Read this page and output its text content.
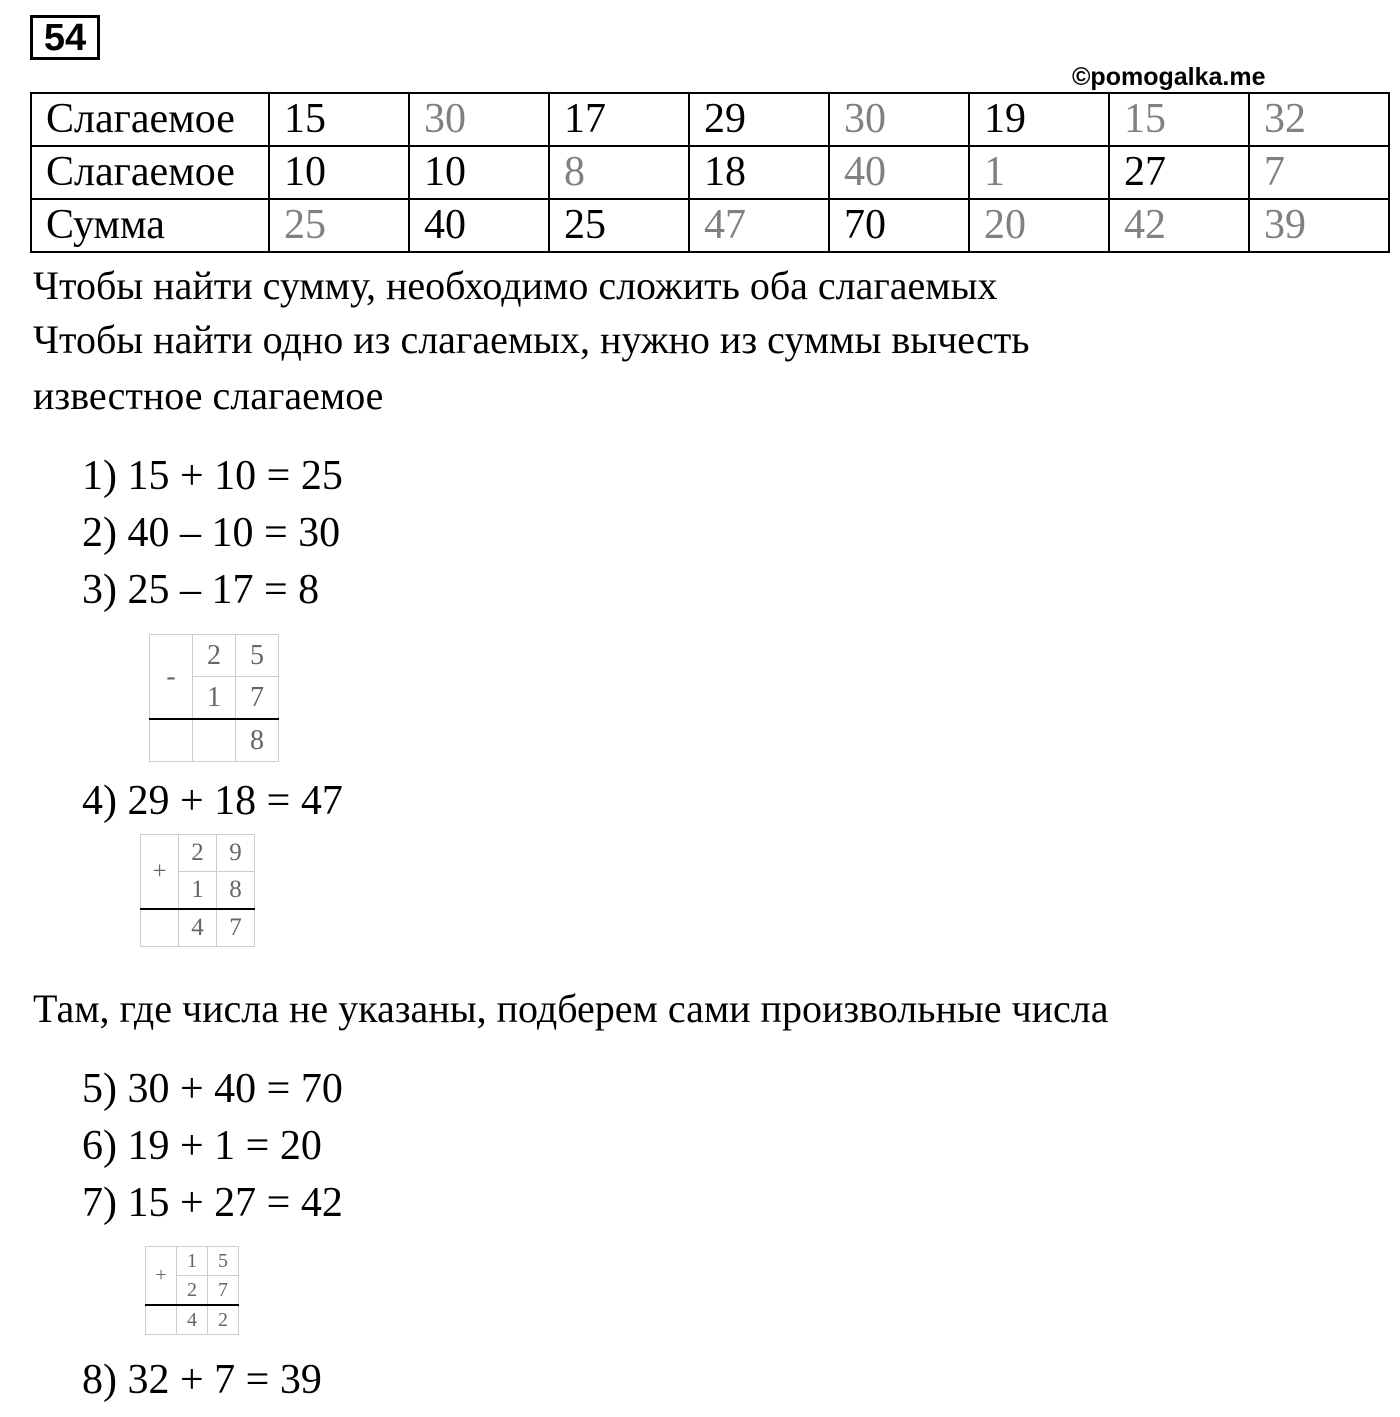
54
©pomogalka.me
Слагаемое	15	30	17	29	30	19	15	32
Слагаемое	10	10	8	18	40	1	27	7
Сумма	25	40	25	47	70	20	42	39
Чтобы найти сумму, необходимо сложить оба слагаемых
Чтобы найти одно из слагаемых, нужно из суммы вычесть
известное слагаемое
1) 15 + 10 = 25
2) 40 – 10 = 30
3) 25 – 17 = 8
-	2	5
	1	7
		8
4) 29 + 18 = 47
+	2	9
	1	8
	4	7
Там, где числа не указаны, подберем сами произвольные числа
5) 30 + 40 = 70
6) 19 + 1 = 20
7) 15 + 27 = 42
+	1	5
	2	7
	4	2
8) 32 + 7 = 39
